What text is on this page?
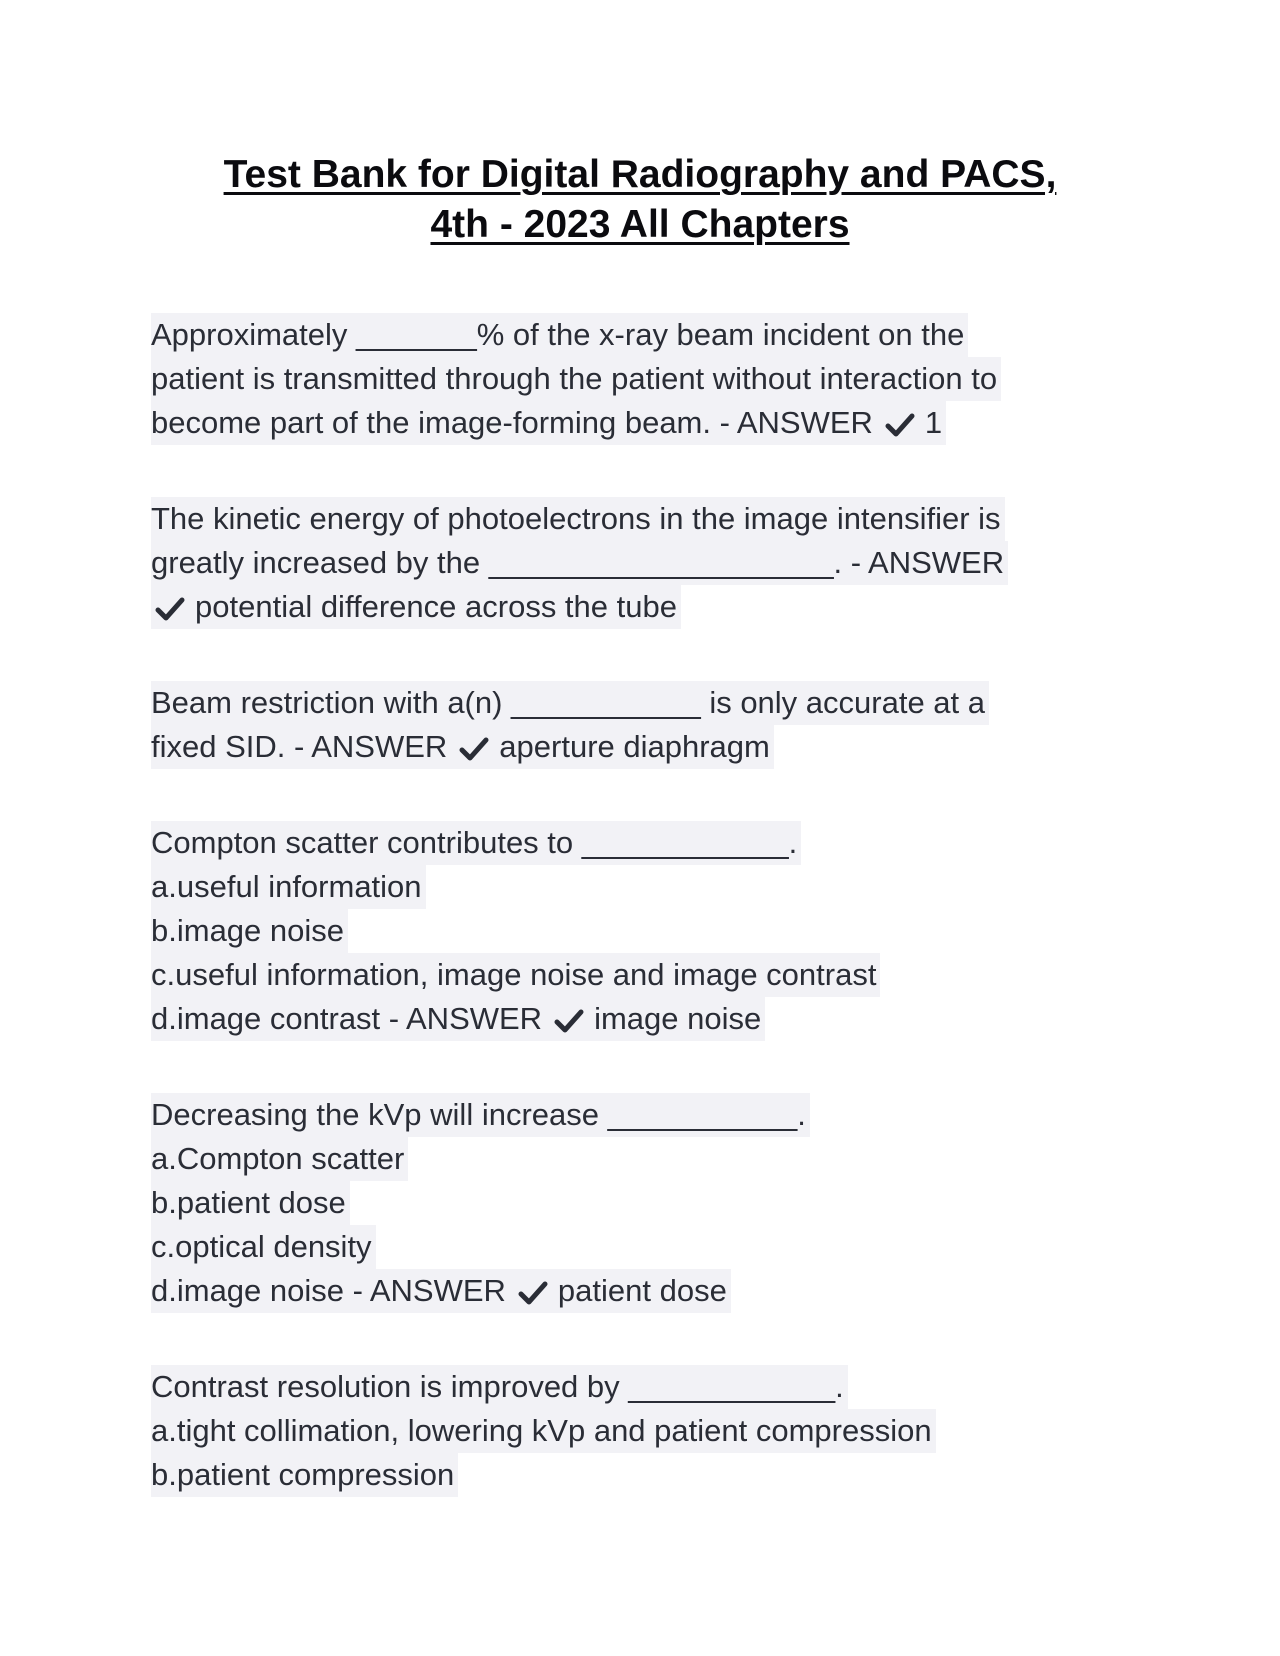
Test Bank for Digital Radiography and PACS,
4th - 2023 All Chapters
Approximately _______% of the x-ray beam incident on the
patient is transmitted through the patient without interaction to
become part of the image-forming beam. - ANSWER 1
The kinetic energy of photoelectrons in the image intensifier is
greatly increased by the ____________________. - ANSWER
potential difference across the tube
Beam restriction with a(n) ___________ is only accurate at a
fixed SID. - ANSWER aperture diaphragm
Compton scatter contributes to ____________.
a.useful information
b.image noise
c.useful information, image noise and image contrast
d.image contrast - ANSWER image noise
Decreasing the kVp will increase ___________.
a.Compton scatter
b.patient dose
c.optical density
d.image noise - ANSWER patient dose
Contrast resolution is improved by ____________.
a.tight collimation, lowering kVp and patient compression
b.patient compression
